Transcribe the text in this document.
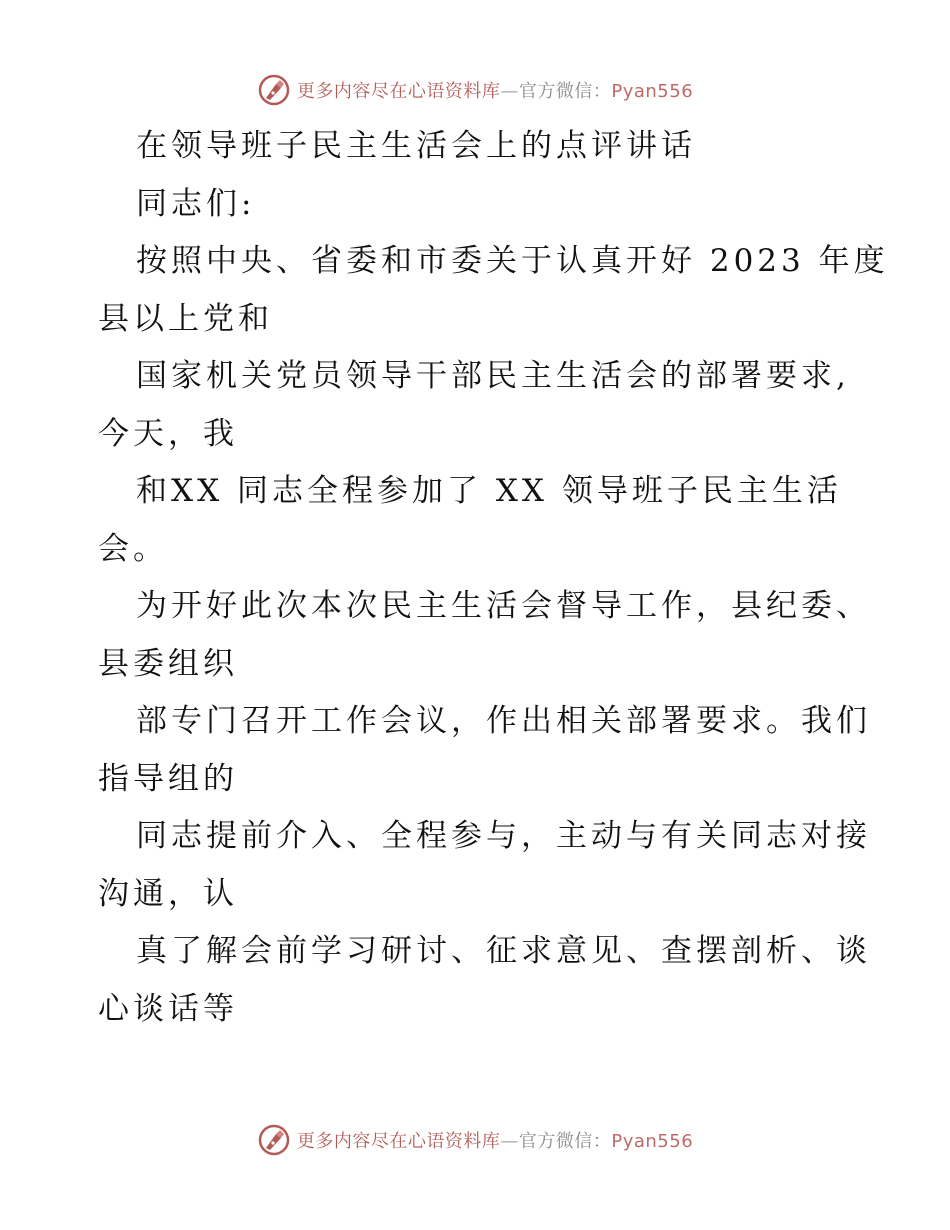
更多内容尽在心语资料库—官方微信：Pyan556
在领导班子民主生活会上的点评讲话
同志们:
按照中央、省委和市委关于认真开好 2023 年度
县以上党和
国家机关党员领导干部民主生活会的部署要求,
今天，我
和XX 同志全程参加了 XX 领导班子民主生活
会。
为开好此次本次民主生活会督导工作，县纪委、
县委组织
部专门召开工作会议，作出相关部署要求。我们
指导组的
同志提前介入、全程参与，主动与有关同志对接
沟通，认
真了解会前学习研讨、征求意见、查摆剖析、谈
心谈话等
更多内容尽在心语资料库—官方微信：Pyan556
